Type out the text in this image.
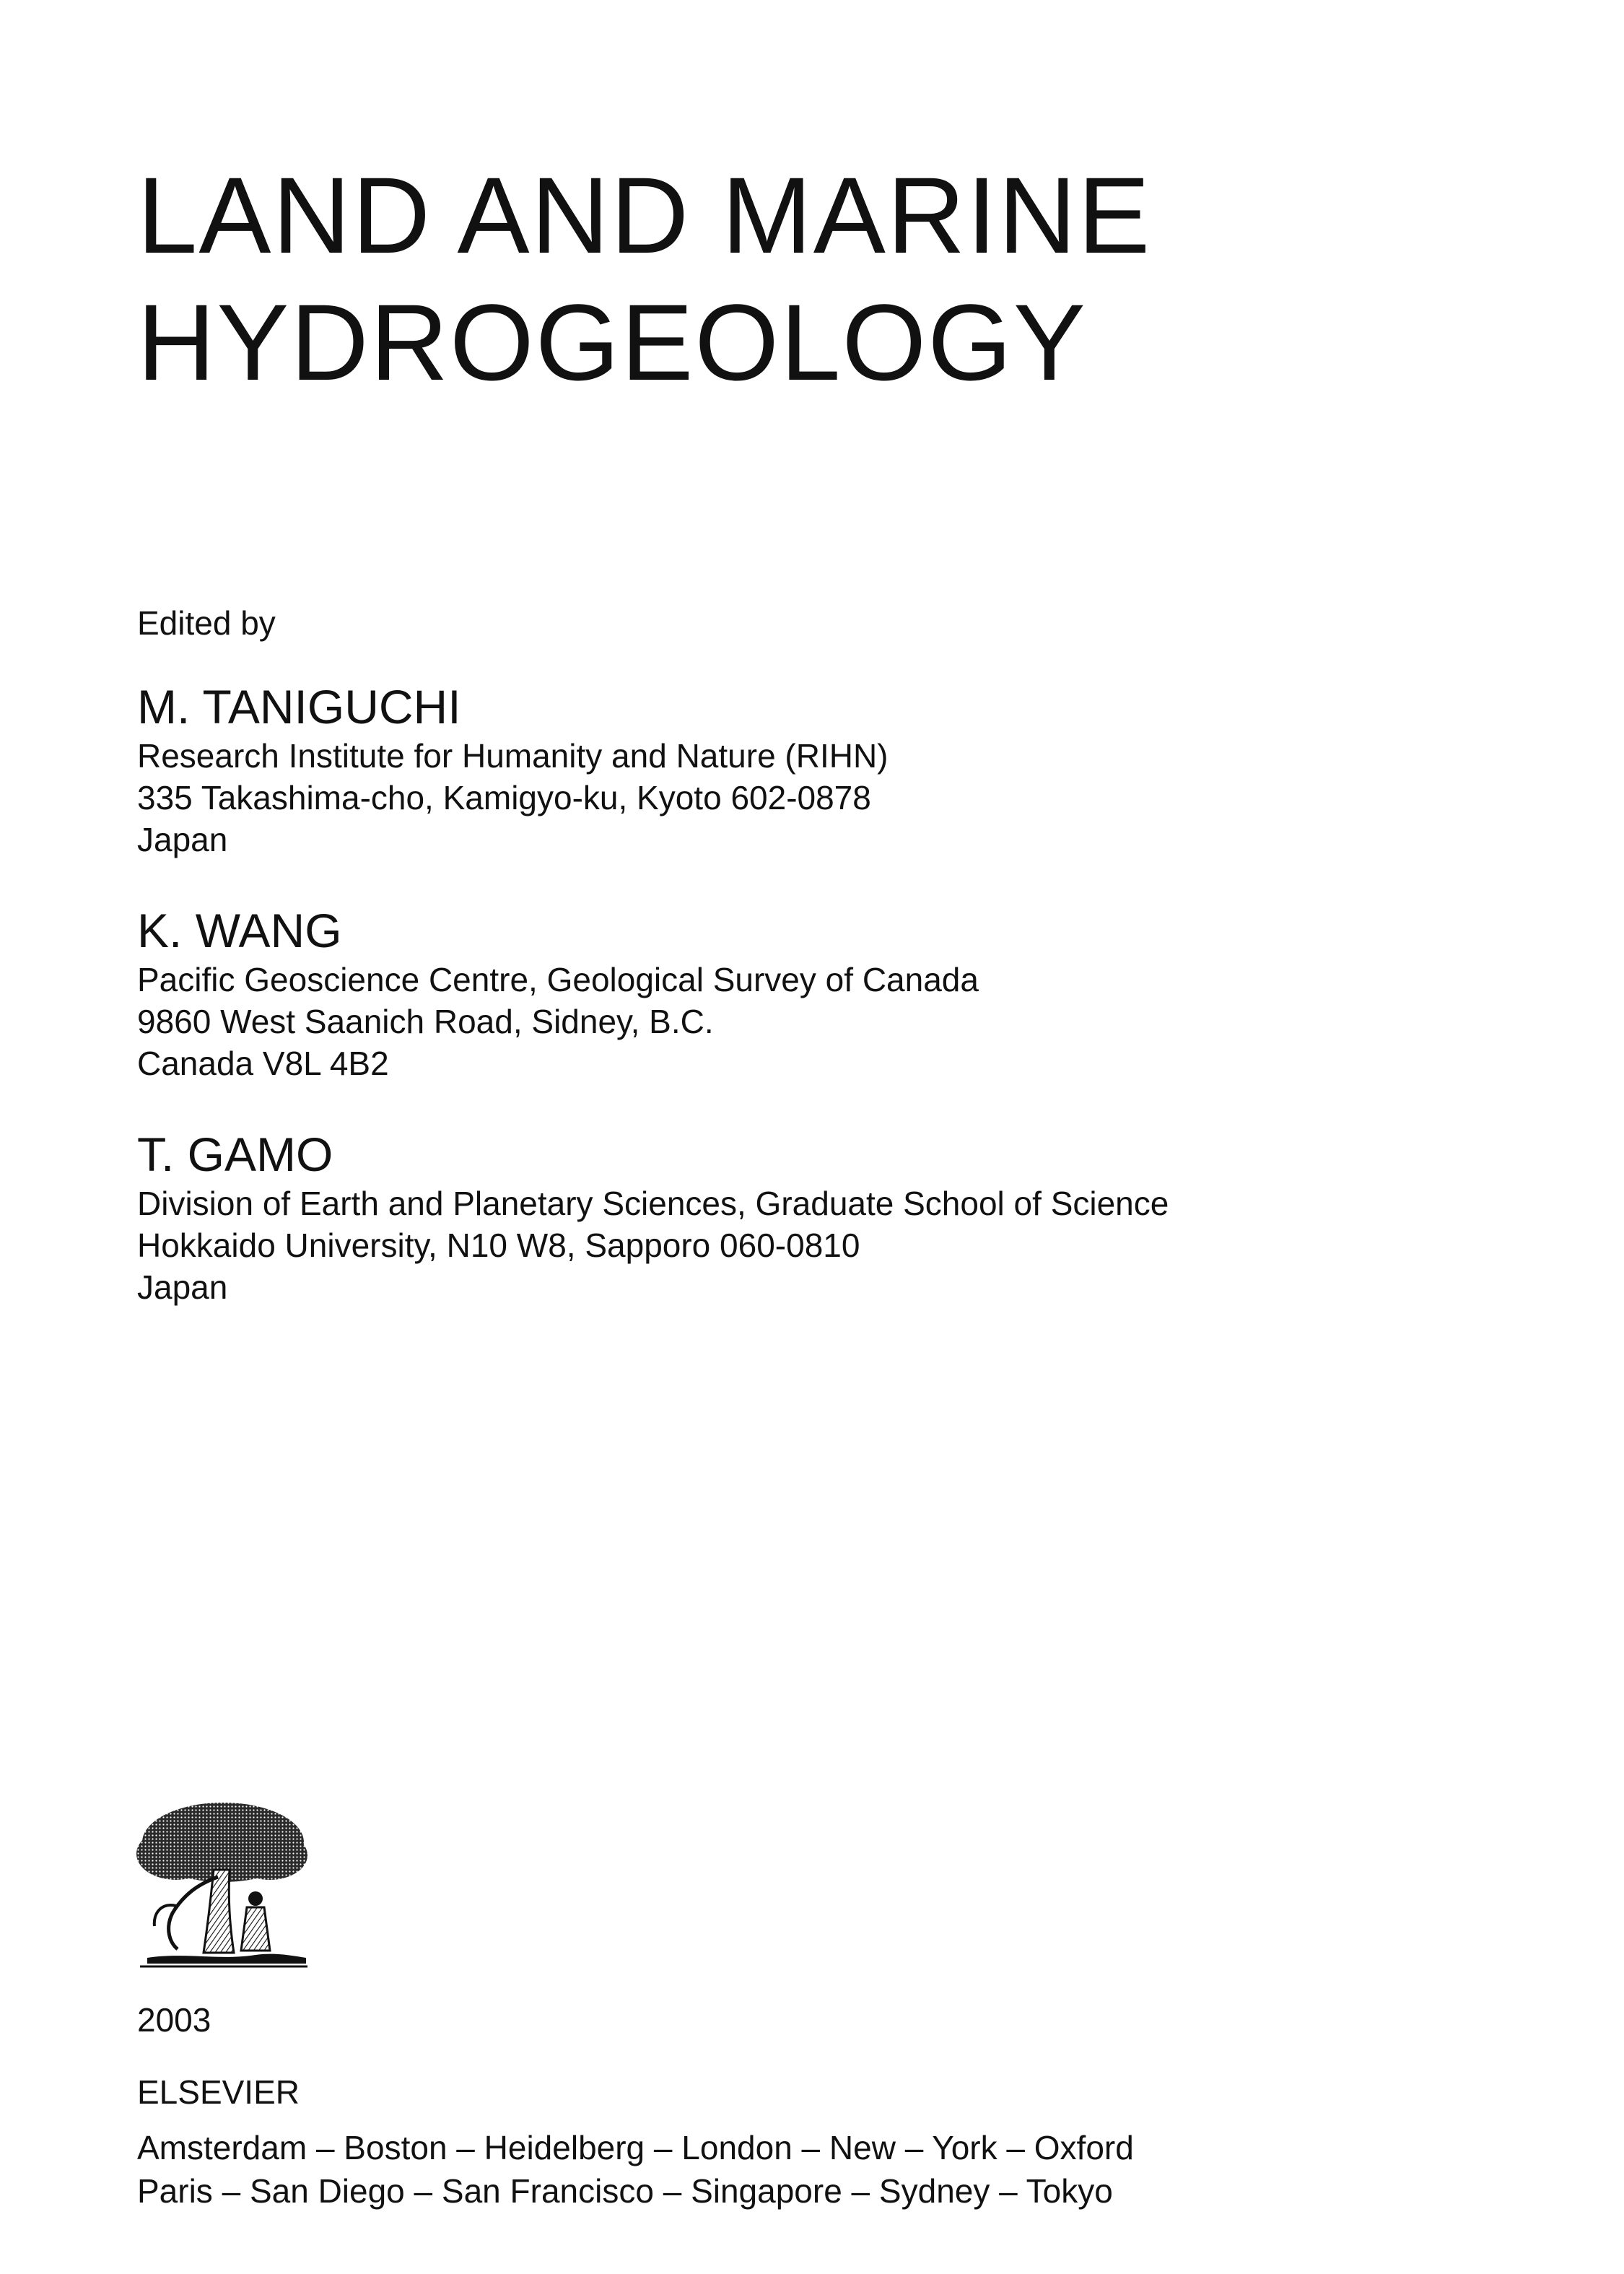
LAND AND MARINE
HYDROGEOLOGY
Edited by
M. TANIGUCHI
Research Institute for Humanity and Nature (RIHN)
335 Takashima-cho, Kamigyo-ku, Kyoto 602-0878
Japan
K. WANG
Pacific Geoscience Centre, Geological Survey of Canada
9860 West Saanich Road, Sidney, B.C.
Canada V8L 4B2
T. GAMO
Division of Earth and Planetary Sciences, Graduate School of Science
Hokkaido University, N10 W8, Sapporo 060-0810
Japan
2003
ELSEVIER
Amsterdam – Boston – Heidelberg – London – New – York – Oxford
Paris – San Diego – San Francisco – Singapore – Sydney – Tokyo
